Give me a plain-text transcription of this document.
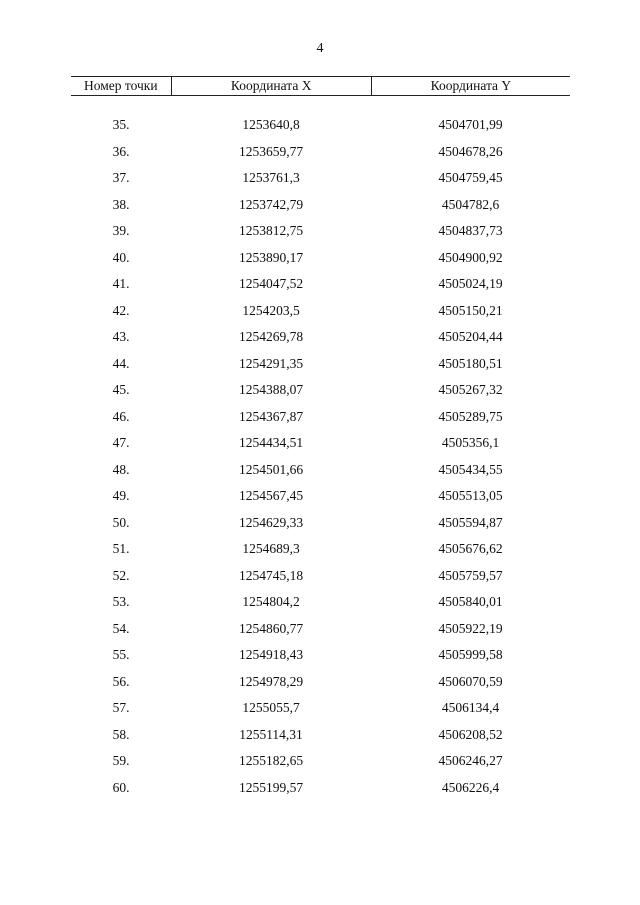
4
Номер точки	Координата X	Координата Y
35.	1253640,8	4504701,99
36.	1253659,77	4504678,26
37.	1253761,3	4504759,45
38.	1253742,79	4504782,6
39.	1253812,75	4504837,73
40.	1253890,17	4504900,92
41.	1254047,52	4505024,19
42.	1254203,5	4505150,21
43.	1254269,78	4505204,44
44.	1254291,35	4505180,51
45.	1254388,07	4505267,32
46.	1254367,87	4505289,75
47.	1254434,51	4505356,1
48.	1254501,66	4505434,55
49.	1254567,45	4505513,05
50.	1254629,33	4505594,87
51.	1254689,3	4505676,62
52.	1254745,18	4505759,57
53.	1254804,2	4505840,01
54.	1254860,77	4505922,19
55.	1254918,43	4505999,58
56.	1254978,29	4506070,59
57.	1255055,7	4506134,4
58.	1255114,31	4506208,52
59.	1255182,65	4506246,27
60.	1255199,57	4506226,4
